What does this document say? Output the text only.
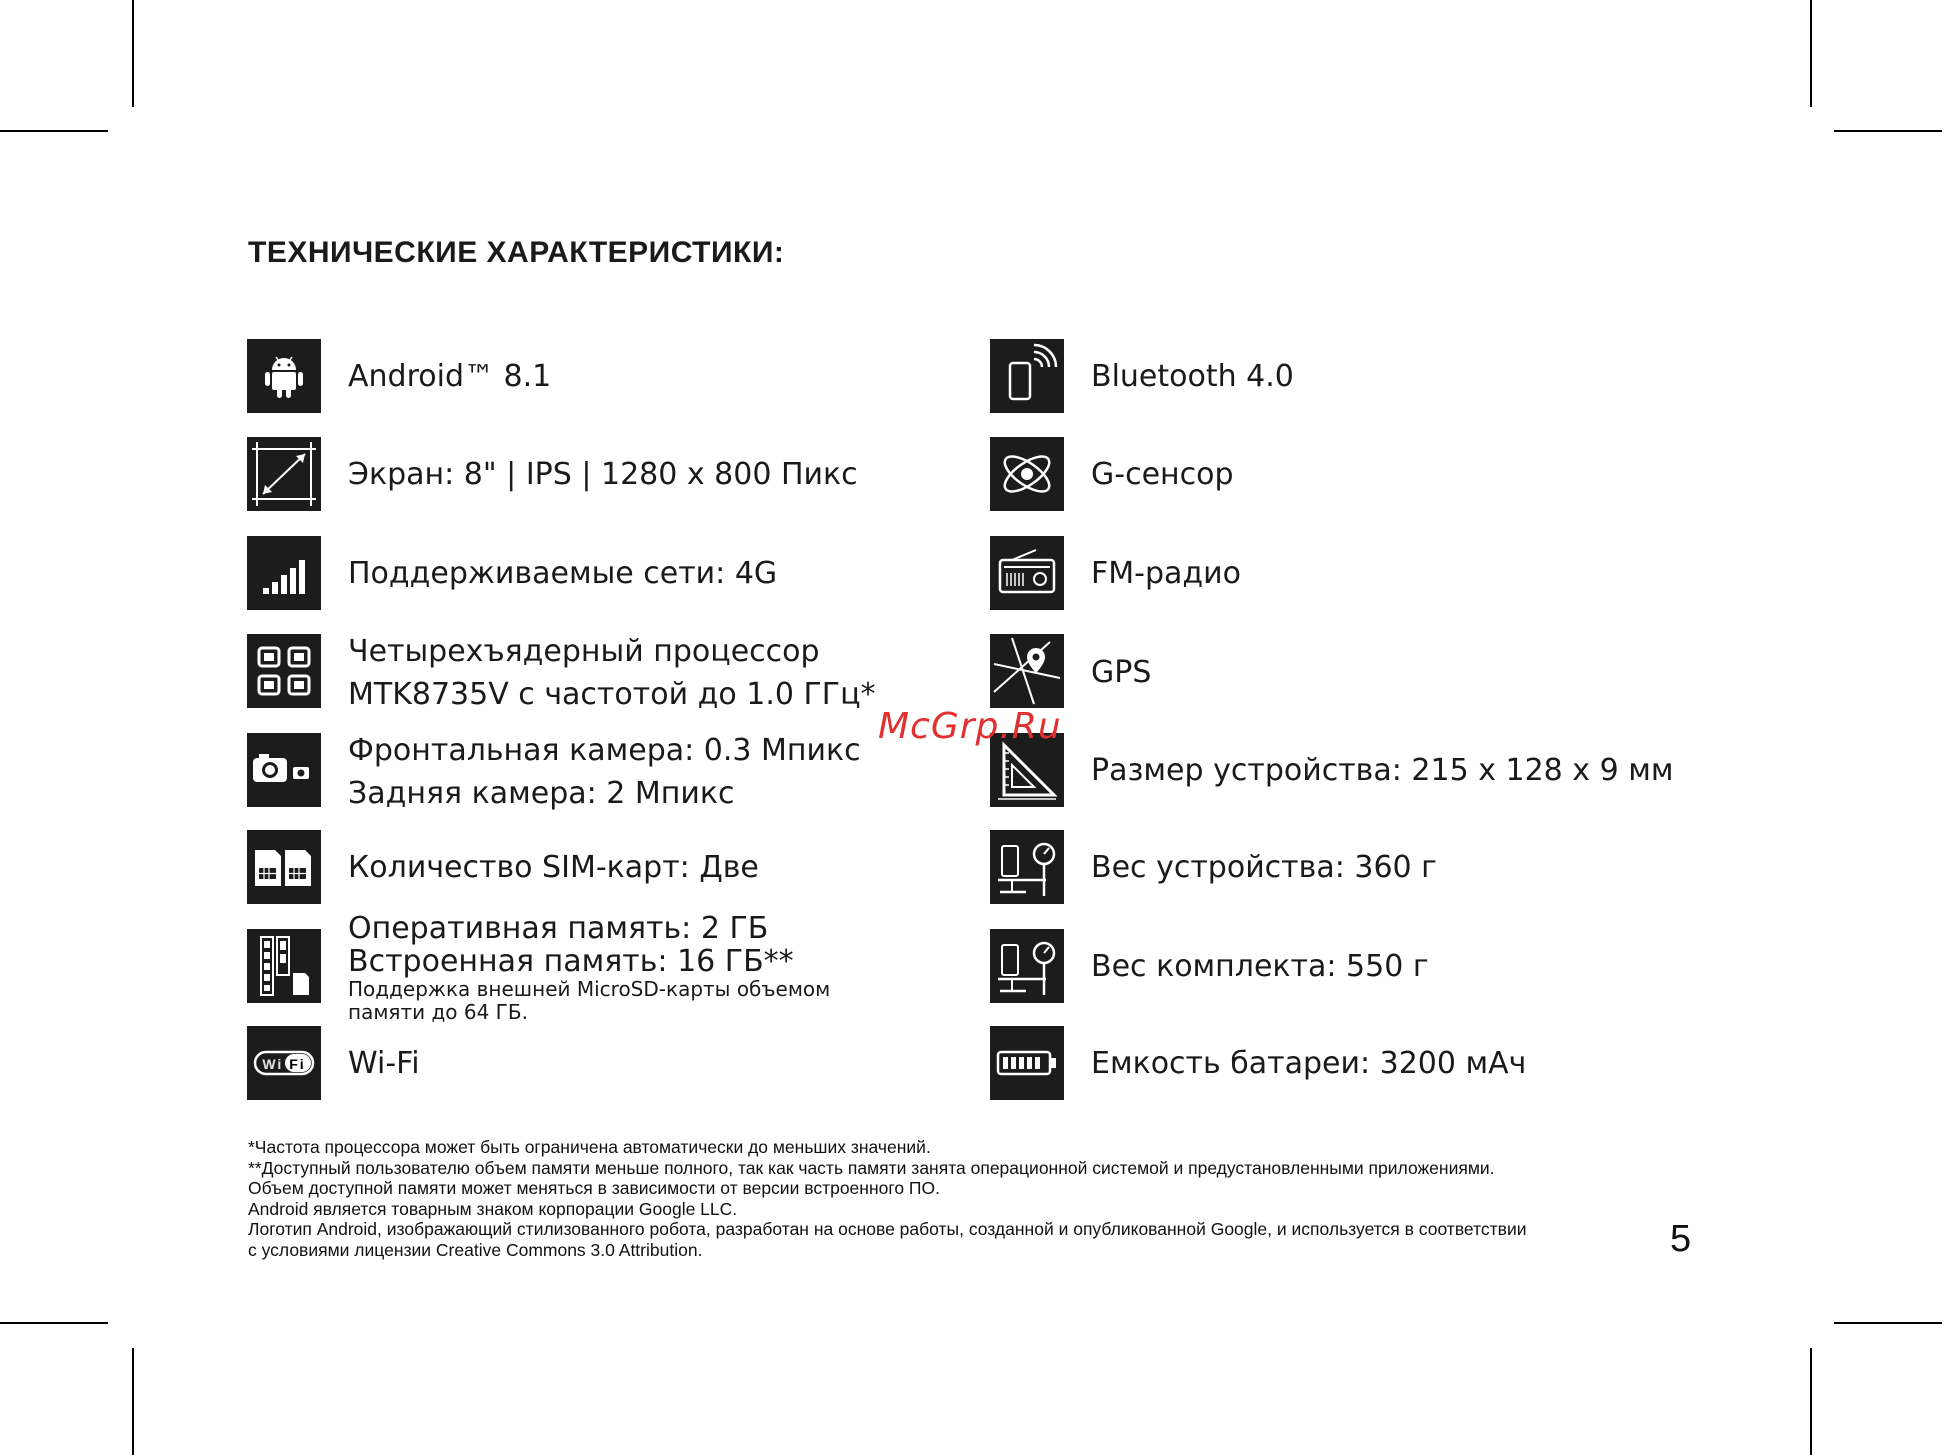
ТЕХНИЧЕСКИЕ ХАРАКТЕРИСТИКИ:
Android™ 8.1
Экран: 8" | IPS | 1280 x 800 Пикс
Поддерживаемые сети: 4G
Четырехъядерный процессор
MTK8735V с частотой до 1.0 ГГц*
Фронтальная камера: 0.3 Мпикс
Задняя камера: 2 Мпикс
Количество SIM-карт: Две
Оперативная память: 2 ГБ
Встроенная память: 16 ГБ**
Поддержка внешней MicroSD-карты объемом
памяти до 64 ГБ.
Wi Fi Wi-Fi
Bluetooth 4.0
G-сенсор
FM-радио
GPS
Размер устройства: 215 x 128 x 9 мм
Вес устройства: 360 г
Вес комплекта: 550 г
Емкость батареи: 3200 мАч
McGrp.Ru
*Частота процессора может быть ограничена автоматически до меньших значений.
**Доступный пользователю объем памяти меньше полного, так как часть памяти занята операционной системой и предустановленными приложениями.
Объем доступной памяти может меняться в зависимости от версии встроенного ПО.
Android является товарным знаком корпорации Google LLC.
Логотип Android, изображающий стилизованного робота, разработан на основе работы, созданной и опубликованной Google, и используется в соответствии
с условиями лицензии Creative Commons 3.0 Attribution.	5
